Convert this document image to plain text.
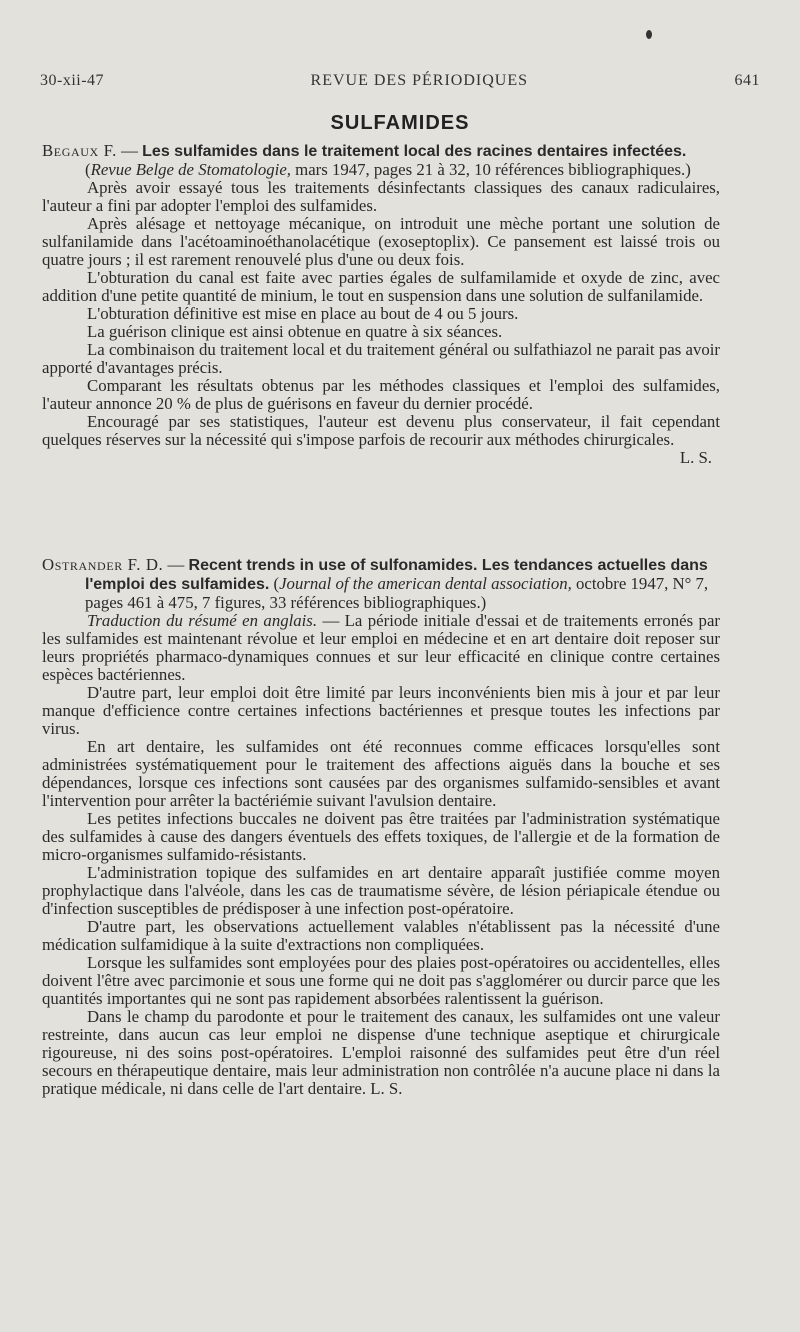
30-xii-47	REVUE DES PÉRIODIQUES	641
SULFAMIDES

Begaux F. — Les sulfamides dans le traitement local des racines dentaires infectées. (Revue Belge de Stomatologie, mars 1947, pages 21 à 32, 10 références bibliographiques.)

Après avoir essayé tous les traitements désinfectants classiques des canaux radiculaires, l'auteur a fini par adopter l'emploi des sulfamides.

Après alésage et nettoyage mécanique, on introduit une mèche portant une solution de sulfanilamide dans l'acétoaminoéthanolacétique (exoseptoplix). Ce pansement est laissé trois ou quatre jours ; il est rarement renouvelé plus d'une ou deux fois.

L'obturation du canal est faite avec parties égales de sulfamilamide et oxyde de zinc, avec addition d'une petite quantité de minium, le tout en suspension dans une solution de sulfanilamide.

L'obturation définitive est mise en place au bout de 4 ou 5 jours.

La guérison clinique est ainsi obtenue en quatre à six séances.

La combinaison du traitement local et du traitement général ou sulfathiazol ne parait pas avoir apporté d'avantages précis.

Comparant les résultats obtenus par les méthodes classiques et l'emploi des sulfamides, l'auteur annonce 20 % de plus de guérisons en faveur du dernier procédé.

Encouragé par ses statistiques, l'auteur est devenu plus conservateur, il fait cependant quelques réserves sur la nécessité qui s'impose parfois de recourir aux méthodes chirurgicales.
L. S.

Ostrander F. D. — Recent trends in use of sulfonamides. Les tendances actuelles dans l'emploi des sulfamides. (Journal of the american dental association, octobre 1947, N° 7, pages 461 à 475, 7 figures, 33 références bibliographiques.)

Traduction du résumé en anglais. — La période initiale d'essai et de traitements erronés par les sulfamides est maintenant révolue et leur emploi en médecine et en art dentaire doit reposer sur leurs propriétés pharmaco-dynamiques connues et sur leur efficacité en clinique contre certaines espèces bactériennes.

D'autre part, leur emploi doit être limité par leurs inconvénients bien mis à jour et par leur manque d'efficience contre certaines infections bactériennes et presque toutes les infections par virus.

En art dentaire, les sulfamides ont été reconnues comme efficaces lorsqu'elles sont administrées systématiquement pour le traitement des affections aiguës dans la bouche et ses dépendances, lorsque ces infections sont causées par des organismes sulfamido-sensibles et avant l'intervention pour arrêter la bactériémie suivant l'avulsion dentaire.

Les petites infections buccales ne doivent pas être traitées par l'administration systématique des sulfamides à cause des dangers éventuels des effets toxiques, de l'allergie et de la formation de micro-organismes sulfamido-résistants.

L'administration topique des sulfamides en art dentaire apparaît justifiée comme moyen prophylactique dans l'alvéole, dans les cas de traumatisme sévère, de lésion périapicale étendue ou d'infection susceptibles de prédisposer à une infection post-opératoire.

D'autre part, les observations actuellement valables n'établissent pas la nécessité d'une médication sulfamidique à la suite d'extractions non compliquées.

Lorsque les sulfamides sont employées pour des plaies post-opératoires ou accidentelles, elles doivent l'être avec parcimonie et sous une forme qui ne doit pas s'agglomérer ou durcir parce que les quantités importantes qui ne sont pas rapidement absorbées ralentissent la guérison.

Dans le champ du parodonte et pour le traitement des canaux, les sulfamides ont une valeur restreinte, dans aucun cas leur emploi ne dispense d'une technique aseptique et chirurgicale rigoureuse, ni des soins post-opératoires. L'emploi raisonné des sulfamides peut être d'un réel secours en thérapeutique dentaire, mais leur administration non contrôlée n'a aucune place ni dans la pratique médicale, ni dans celle de l'art dentaire. L. S.
